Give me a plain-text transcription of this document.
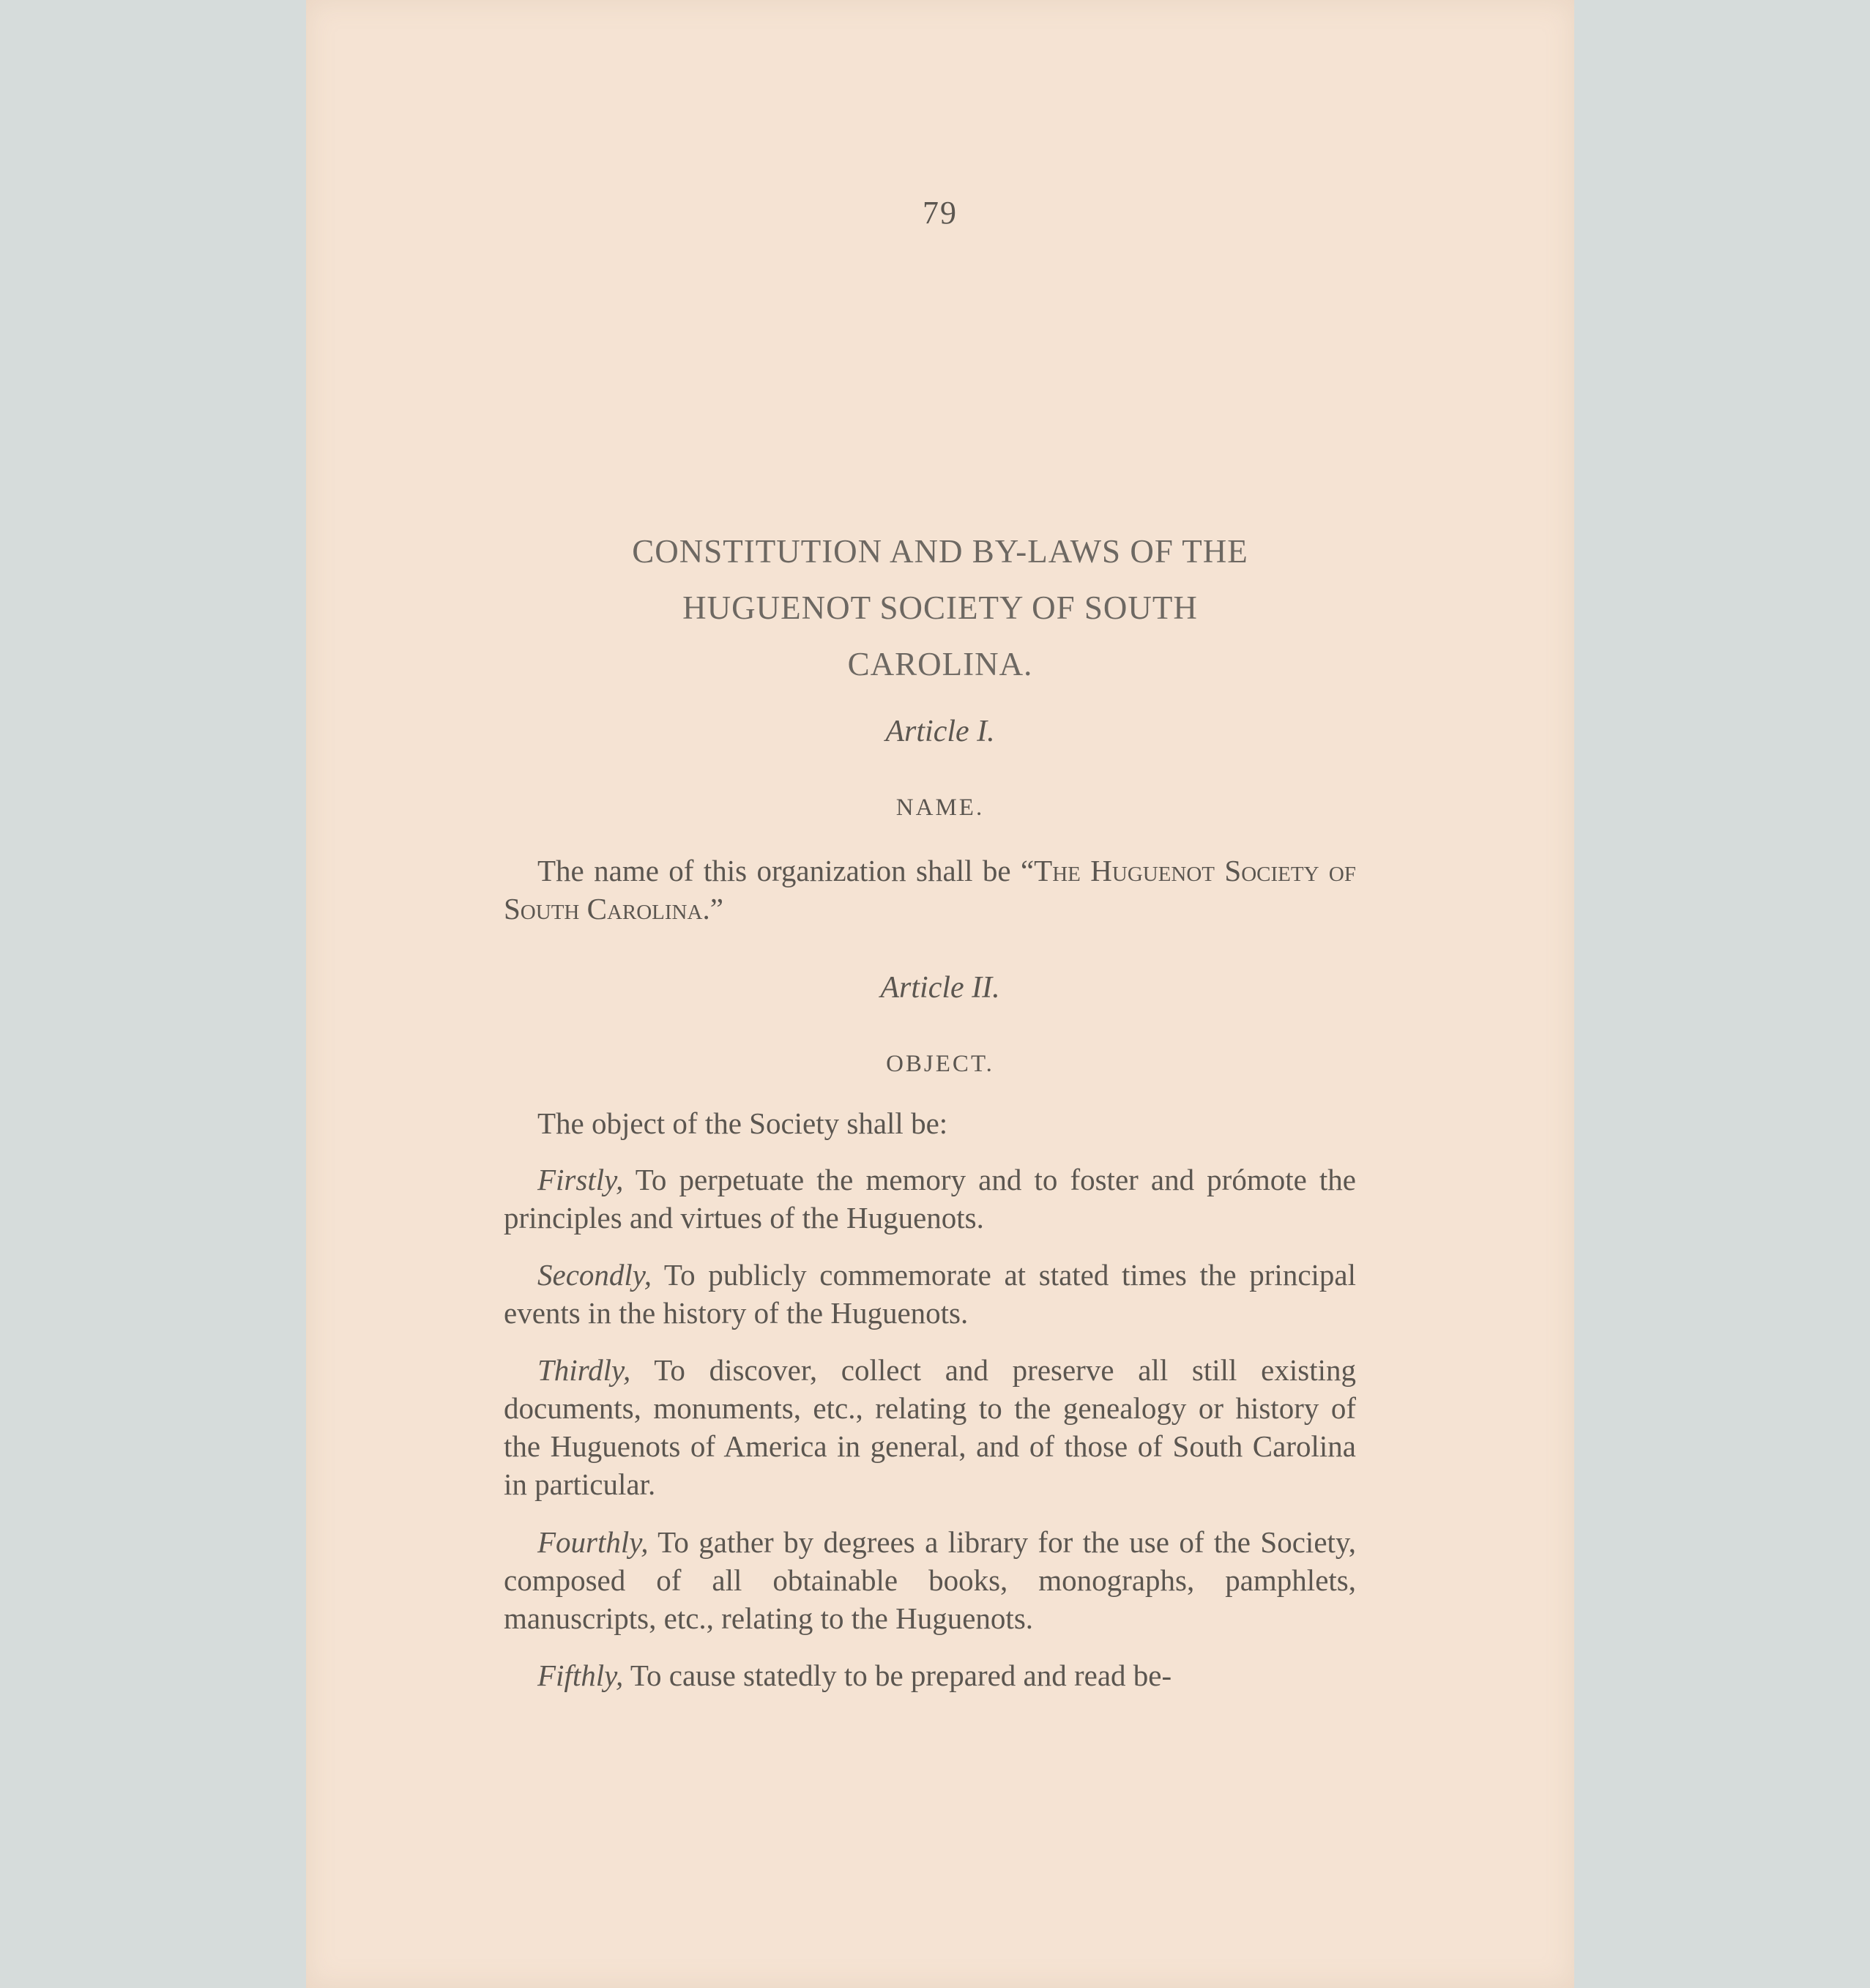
79
CONSTITUTION AND BY-LAWS OF THE
HUGUENOT SOCIETY OF SOUTH
CAROLINA.
Article I.
NAME.

The name of this organization shall be “The Huguenot Society of South Carolina.”

Article II.
OBJECT.

The object of the Society shall be:

Firstly, To perpetuate the memory and to foster and prómote the principles and virtues of the Huguenots.

Secondly, To publicly commemorate at stated times the principal events in the history of the Huguenots.

Thirdly, To discover, collect and preserve all still existing documents, monuments, etc., relating to the genealogy or history of the Huguenots of America in general, and of those of South Carolina in particular.

Fourthly, To gather by degrees a library for the use of the Society, composed of all obtainable books, monographs, pamphlets, manuscripts, etc., relating to the Huguenots.

Fifthly, To cause statedly to be prepared and read be-
